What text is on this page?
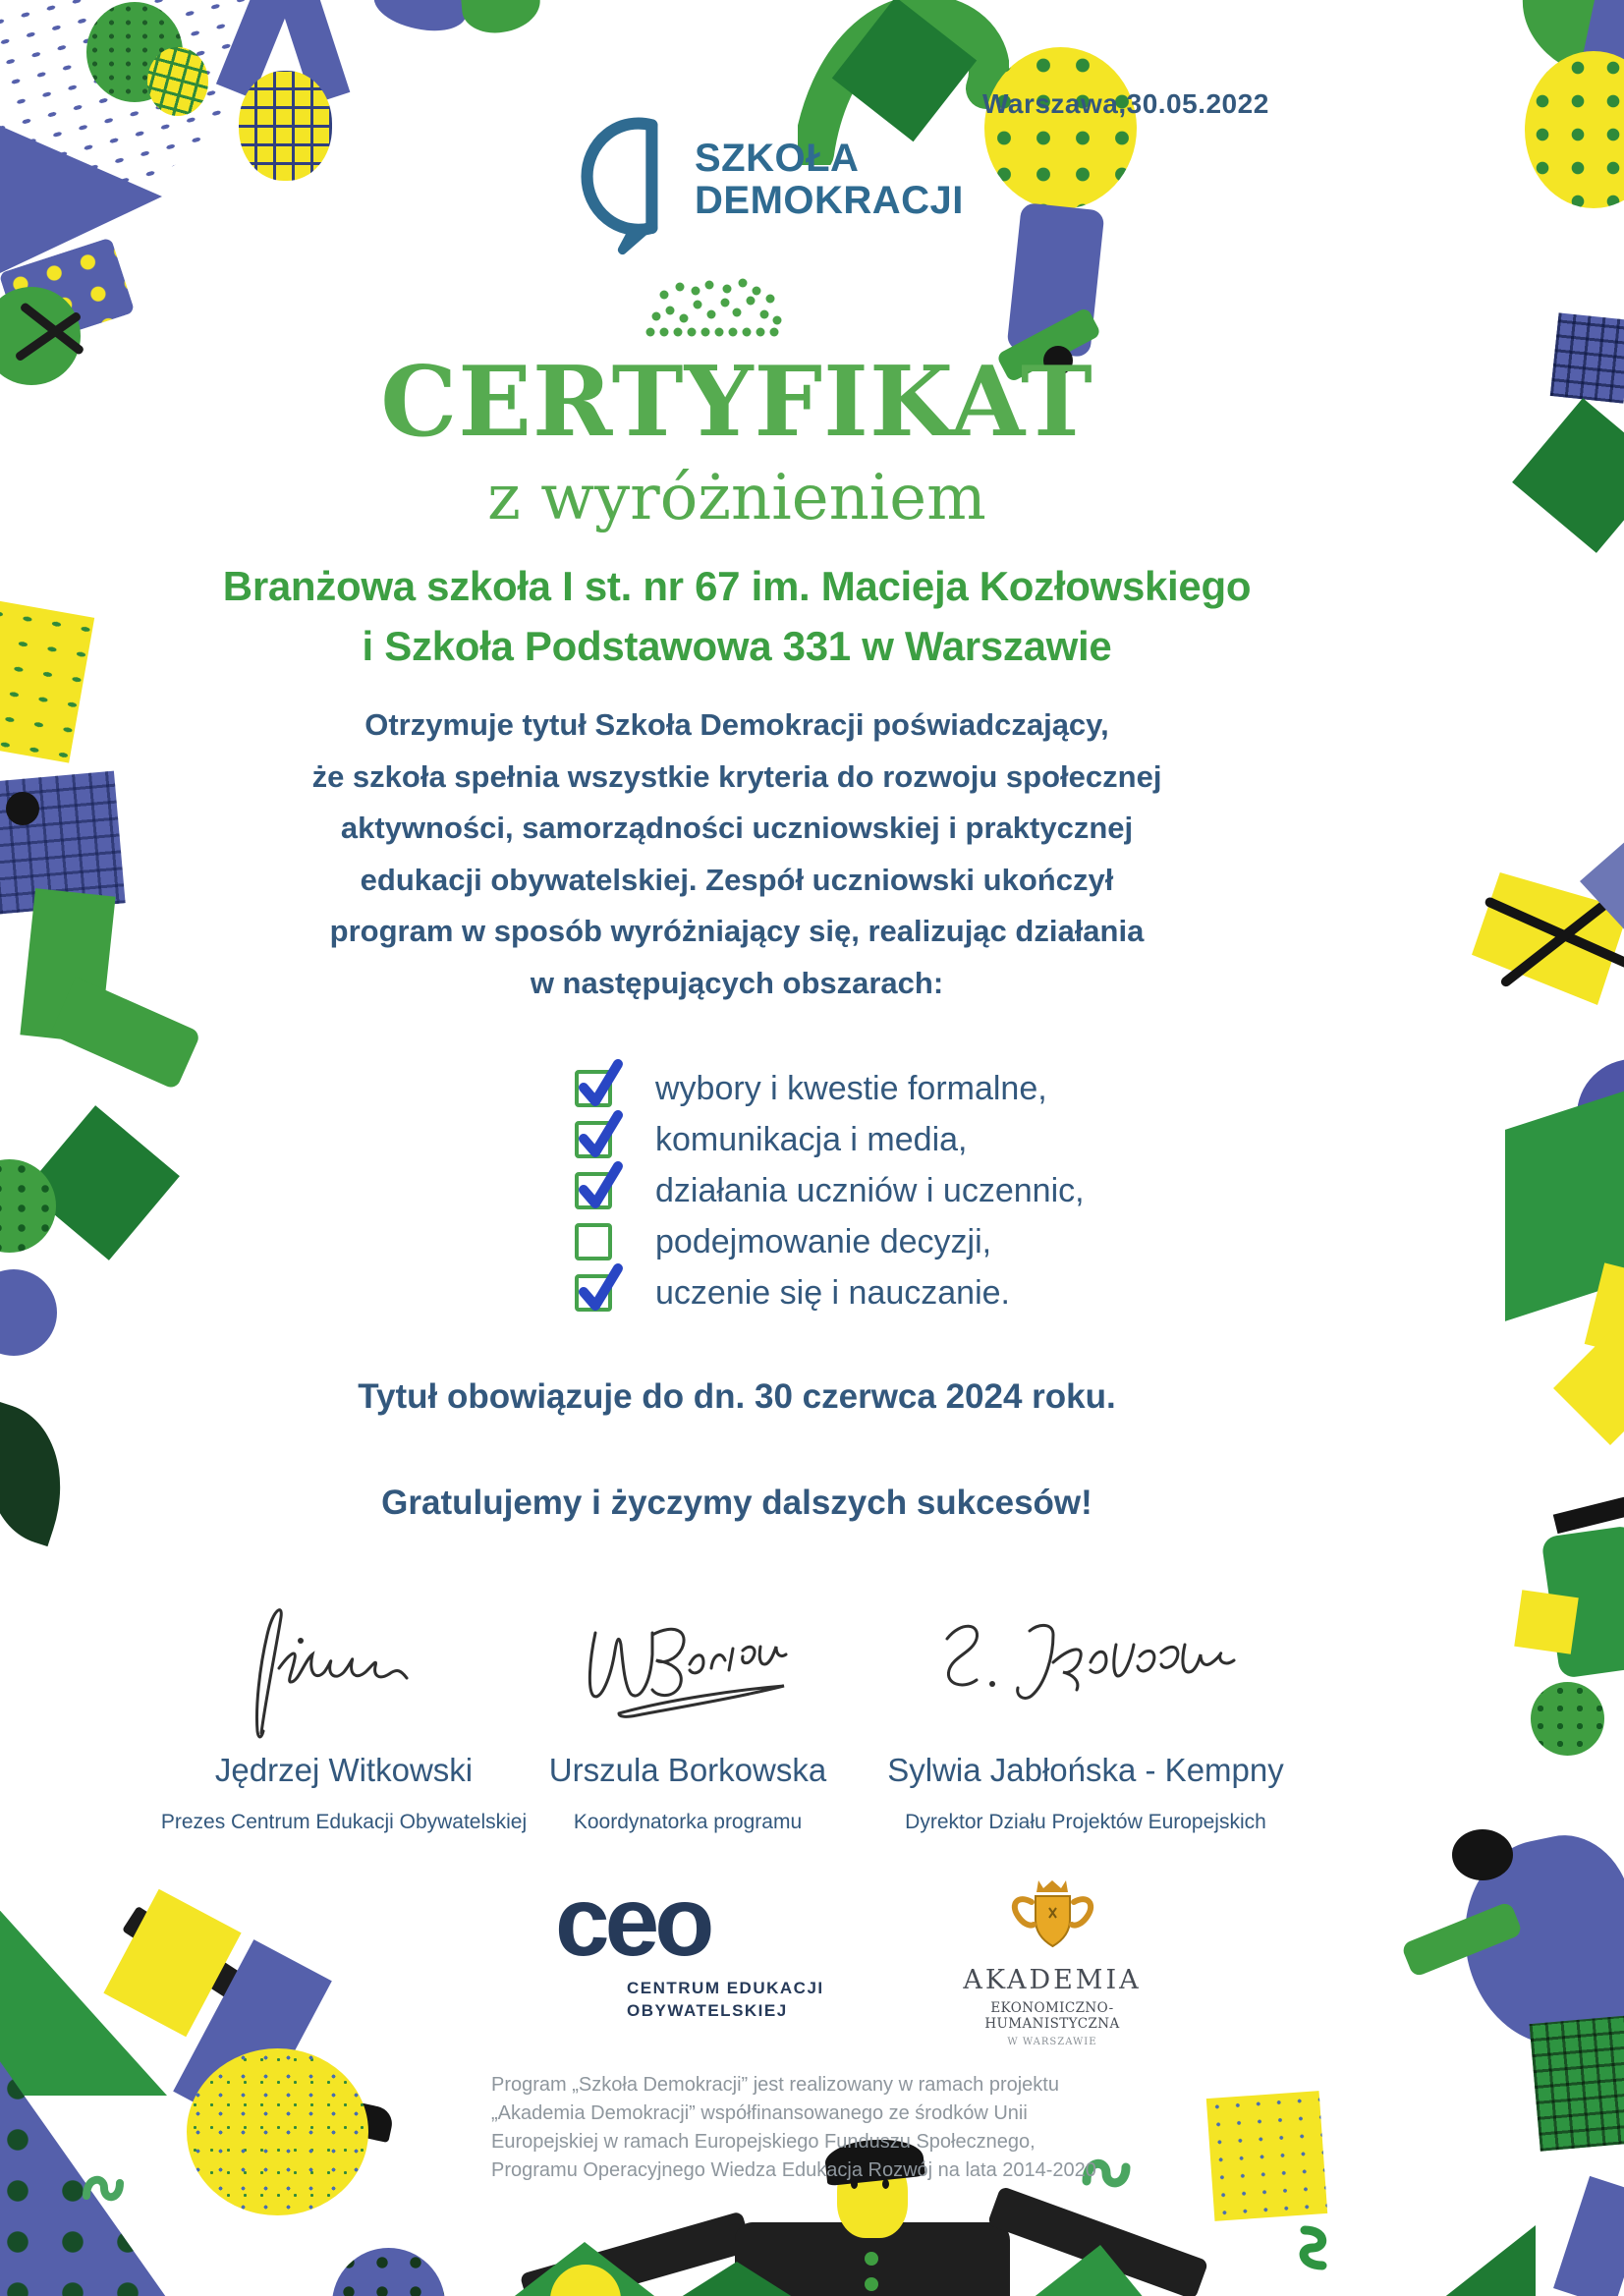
Warszawa,30.05.2022
SZKOŁA
DEMOKRACJI
CERTYFIKAT
z wyróżnieniem
Branżowa szkoła I st. nr 67 im. Macieja Kozłowskiego
i Szkoła Podstawowa 331 w Warszawie
Otrzymuje tytuł Szkoła Demokracji poświadczający,
że szkoła spełnia wszystkie kryteria do rozwoju społecznej
aktywności, samorządności uczniowskiej i praktycznej
edukacji obywatelskiej. Zespół uczniowski ukończył
program w sposób wyróżniający się, realizując działania
w następujących obszarach:
wybory i kwestie formalne,
komunikacja i media,
działania uczniów i uczennic,
podejmowanie decyzji,
uczenie się i nauczanie.
Tytuł obowiązuje do dn. 30 czerwca 2024 roku.
Gratulujemy i życzymy dalszych sukcesów!
Jędrzej Witkowski
Prezes Centrum Edukacji Obywatelskiej
Urszula Borkowska
Koordynatorka programu
Sylwia Jabłońska - Kempny
Dyrektor Działu Projektów Europejskich
ceo
CENTRUM EDUKACJI
OBYWATELSKIEJ
AKADEMIA
EKONOMICZNO-HUMANISTYCZNA
W WARSZAWIE
Program „Szkoła Demokracji” jest realizowany w ramach projektu
„Akademia Demokracji” współfinansowanego ze środków Unii
Europejskiej w ramach Europejskiego Funduszu Społecznego,
Programu Operacyjnego Wiedza Edukacja Rozwój na lata 2014-2020
